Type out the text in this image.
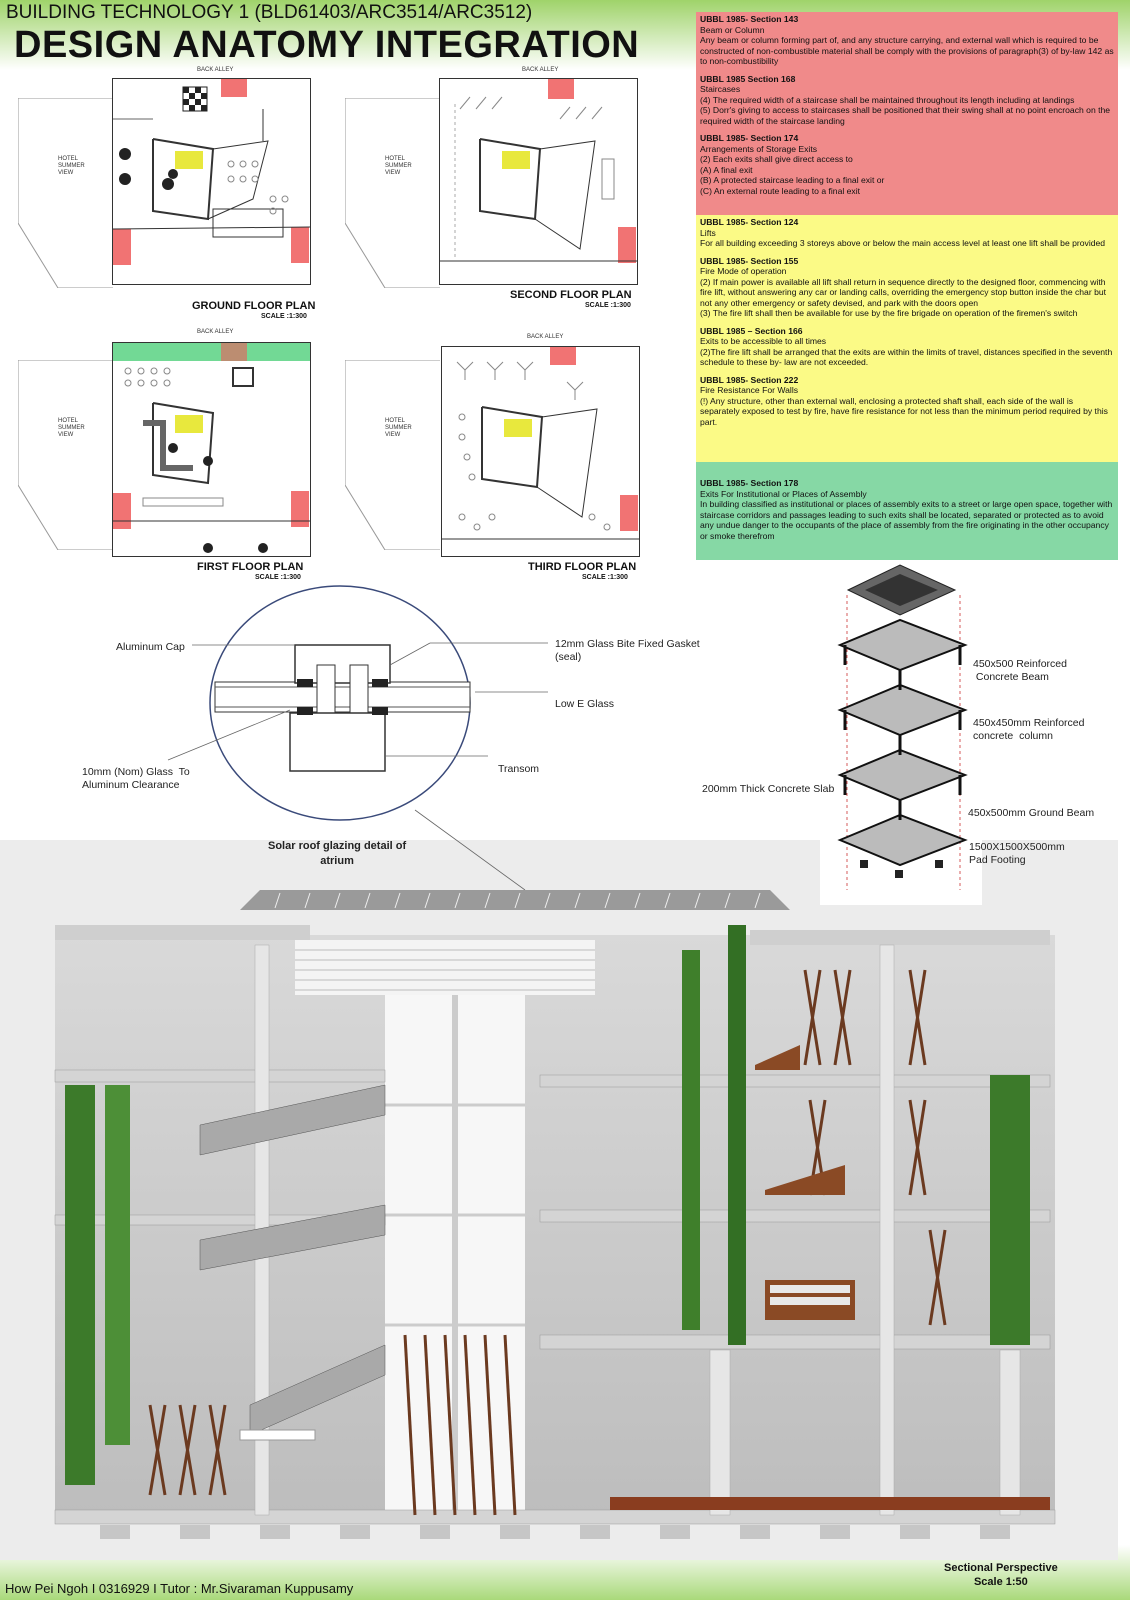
BUILDING TECHNOLOGY 1 (BLD61403/ARC3514/ARC3512)
DESIGN ANATOMY INTEGRATION
HOTEL
SUMMER
VIEW
BACK ALLEY
GROUND FLOOR PLAN
SCALE :1:300
HOTEL
SUMMER
VIEW
BACK ALLEY
SECOND FLOOR PLAN
SCALE :1:300
HOTEL
SUMMER
VIEW
BACK ALLEY
FIRST FLOOR PLAN
SCALE :1:300
HOTEL
SUMMER
VIEW
BACK ALLEY
THIRD FLOOR PLAN
SCALE :1:300
UBBL 1985- Section 143
Beam or Column
Any beam or column forming part of, and any structure carrying, and external wall which is required to be constructed of non-combustible material shall be comply with the provisions of paragraph(3) of by-law 142 as to non-combustibility
UBBL 1985 Section 168
Staircases
(4) The required width of a staircase shall be maintained throughout its length including at landings
(5) Dorr's giving to access to staircases shall be positioned that their swing shall at no point encroach on the required width of the staircase landing
UBBL 1985- Section 174
Arrangements of Storage Exits
(2) Each exits shall give direct access to
(A) A final exit
(B) A protected staircase leading to a final exit or
(C) An external route leading to a final exit
UBBL 1985- Section 124
Lifts
For all building exceeding 3 storeys above or below the main access level at least one lift shall be provided
UBBL 1985- Section 155
Fire Mode of operation
(2) If main power is available all lift shall return in sequence directly to the designed floor, commencing with fire lift, without answering any car or landing calls, overriding the emergency stop button inside the char but not any other emergency or safety devised, and park with the doors open
(3) The fire lift shall then be available for use by the fire brigade on operation of the firemen's switch
UBBL 1985 – Section 166
Exits to be accessible to all times
(2)The fire lift shall be arranged that the exits are within the limits of travel, distances specified in the seventh schedule to these by- law are not exceeded.
UBBL 1985- Section 222
Fire Resistance For Walls
(!) Any structure, other than external wall, enclosing a protected shaft shall, each side of the wall is separately exposed to test by fire, have fire resistance for not less than the minimum period required by this part.
UBBL 1985- Section 178
Exits For Institutional or Places of Assembly
In building classified as institutional or places of assembly exits to a street or large open space, together with staircase corridors and passages leading to such exits shall be located, separated or protected as to avoid any undue danger to the occupants of the place of assembly from the fire originating in the other occupancy or smoke therefrom
Aluminum Cap	12mm Glass Bite Fixed Gasket
(seal)
Low E Glass
10mm (Nom) Glass  To
Aluminum Clearance
Transom
Solar roof glazing detail of
atrium
450x500 Reinforced
Concrete Beam
450x450mm Reinforced
concrete  column
200mm Thick Concrete Slab
450x500mm Ground Beam
1500X1500X500mm
Pad Footing
Sectional Perspective
Scale 1:50
How Pei Ngoh I 0316929 I Tutor : Mr.Sivaraman Kuppusamy
